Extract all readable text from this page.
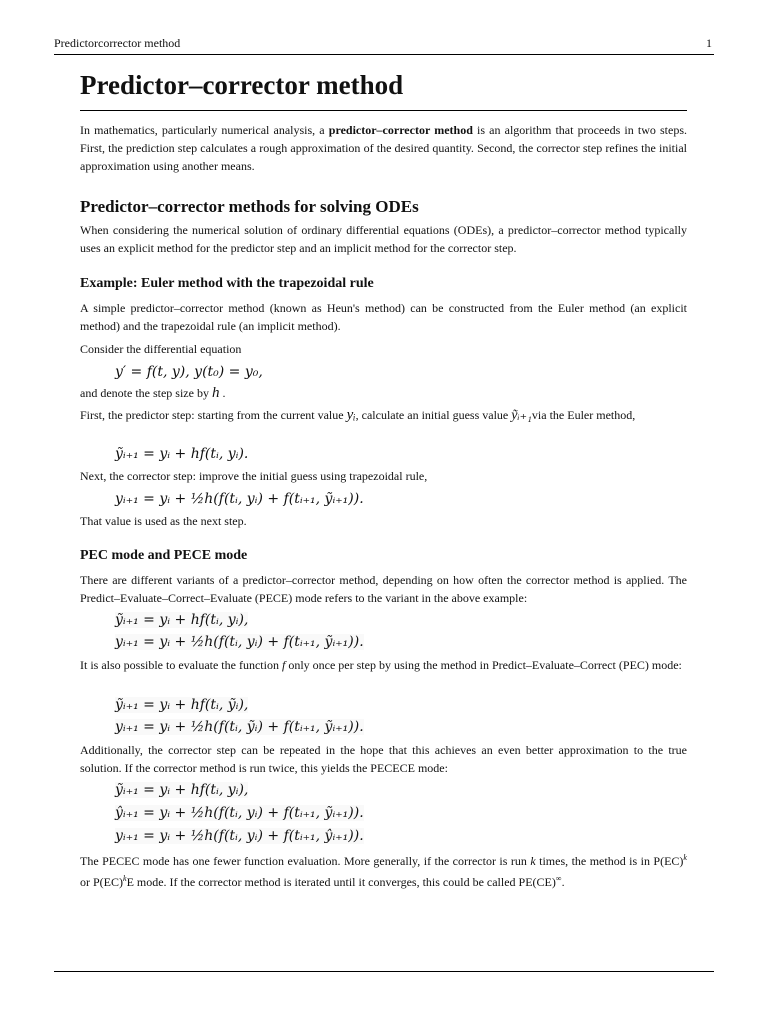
Predictorcorrector method	1
Predictor–corrector method

In mathematics, particularly numerical analysis, a predictor–corrector method is an algorithm that proceeds in two steps. First, the prediction step calculates a rough approximation of the desired quantity. Second, the corrector step refines the initial approximation using another means.

Predictor–corrector methods for solving ODEs

When considering the numerical solution of ordinary differential equations (ODEs), a predictor–corrector method typically uses an explicit method for the predictor step and an implicit method for the corrector step.

Example: Euler method with the trapezoidal rule

A simple predictor–corrector method (known as Heun's method) can be constructed from the Euler method (an explicit method) and the trapezoidal rule (an implicit method).

Consider the differential equation

y′ = f(t, y), y(t₀) = y₀,

and denote the step size by h .

First, the predictor step: starting from the current value yᵢ, calculate an initial guess value ỹᵢ₊₁via the Euler method,

ỹᵢ₊₁ = yᵢ + hf(tᵢ, yᵢ).

Next, the corrector step: improve the initial guess using trapezoidal rule,

yᵢ₊₁ = yᵢ + ½h(f(tᵢ, yᵢ) + f(tᵢ₊₁, ỹᵢ₊₁)).

That value is used as the next step.

PEC mode and PECE mode

There are different variants of a predictor–corrector method, depending on how often the corrector method is applied. The Predict–Evaluate–Correct–Evaluate (PECE) mode refers to the variant in the above example:

ỹᵢ₊₁ = yᵢ + hf(tᵢ, yᵢ),
yᵢ₊₁ = yᵢ + ½h(f(tᵢ, yᵢ) + f(tᵢ₊₁, ỹᵢ₊₁)).

It is also possible to evaluate the function f only once per step by using the method in Predict–Evaluate–Correct (PEC) mode:

ỹᵢ₊₁ = yᵢ + hf(tᵢ, ỹᵢ),
yᵢ₊₁ = yᵢ + ½h(f(tᵢ, ỹᵢ) + f(tᵢ₊₁, ỹᵢ₊₁)).

Additionally, the corrector step can be repeated in the hope that this achieves an even better approximation to the true solution. If the corrector method is run twice, this yields the PECECE mode:

ỹᵢ₊₁ = yᵢ + hf(tᵢ, yᵢ),
ŷᵢ₊₁ = yᵢ + ½h(f(tᵢ, yᵢ) + f(tᵢ₊₁, ỹᵢ₊₁)).
yᵢ₊₁ = yᵢ + ½h(f(tᵢ, yᵢ) + f(tᵢ₊₁, ŷᵢ₊₁)).

The PECEC mode has one fewer function evaluation. More generally, if the corrector is run k times, the method is in P(EC)$^k$ or P(EC)$^k$E mode. If the corrector method is iterated until it converges, this could be called PE(CE)∞.
